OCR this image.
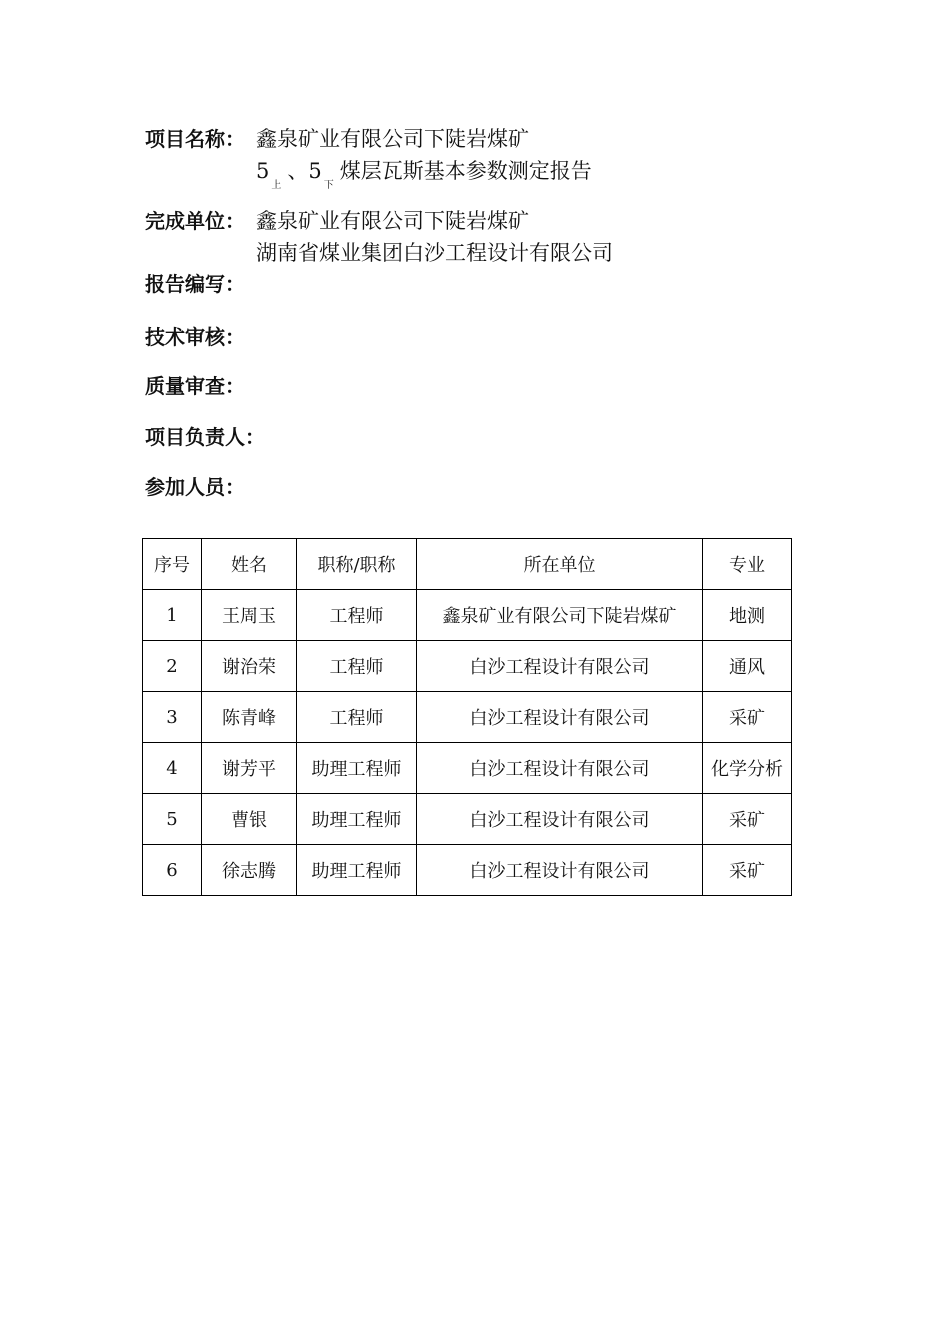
项目名称： 鑫泉矿业有限公司下陡岩煤矿
$5_上$、$5_下$煤层瓦斯基本参数测定报告
完成单位： 鑫泉矿业有限公司下陡岩煤矿
湖南省煤业集团白沙工程设计有限公司
报告编写：
技术审核：
质量审查：
项目负责人：
参加人员：
序号	姓名	职称/职称	所在单位	专业
1	王周玉	工程师	鑫泉矿业有限公司下陡岩煤矿	地测
2	谢治荣	工程师	白沙工程设计有限公司	通风
3	陈青峰	工程师	白沙工程设计有限公司	采矿
4	谢芳平	助理工程师	白沙工程设计有限公司	化学分析
5	曹银	助理工程师	白沙工程设计有限公司	采矿
6	徐志腾	助理工程师	白沙工程设计有限公司	采矿
